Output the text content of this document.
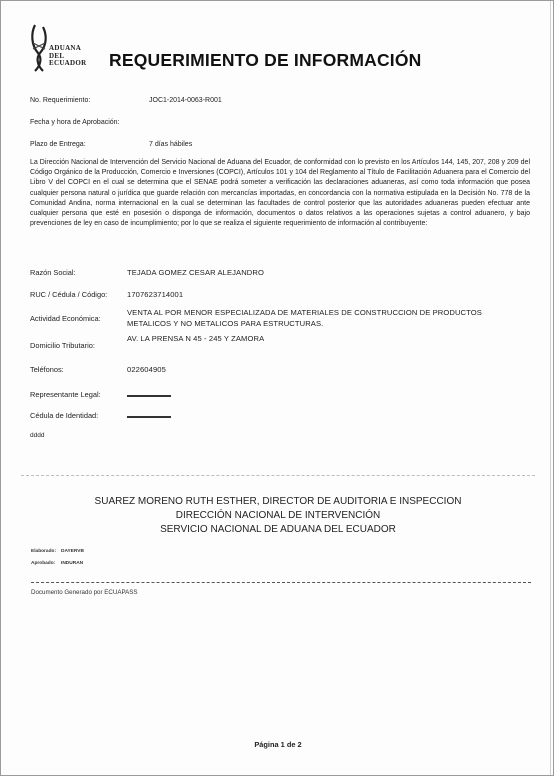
ADUANA
DEL
ECUADOR REQUERIMIENTO DE INFORMACIÓN
No. Requerimiento:	JOC1-2014-0063-R001
Fecha y hora de Aprobación:
Plazo de Entrega:	7 días hábiles
La Dirección Nacional de Intervención del Servicio Nacional de Aduana del Ecuador, de conformidad con lo previsto en los Artículos 144, 145, 207, 208 y 209 del Código Orgánico de la Producción, Comercio e Inversiones (COPCI), Artículos 101 y 104 del Reglamento al Título de Facilitación Aduanera para el Comercio del Libro V del COPCI en el cual se determina que el SENAE podrá someter a verificación las declaraciones aduaneras, así como toda información que posea cualquier persona natural o jurídica que guarde relación con mercancías importadas, en concordancia con la normativa estipulada en la Decisión No. 778 de la Comunidad Andina, norma internacional en la cual se determinan las facultades de control posterior que las autoridades aduaneras pueden efectuar ante cualquier persona que esté en posesión o disponga de información, documentos o datos relativos a las operaciones sujetas a control aduanero, y bajo prevenciones de ley en caso de incumplimiento; por lo que se realiza el siguiente requerimiento de información al contribuyente:
Razón Social:	TEJADA GOMEZ CESAR ALEJANDRO
RUC / Cédula / Código:	1707623714001
Actividad Económica:
VENTA AL POR MENOR ESPECIALIZADA DE MATERIALES DE CONSTRUCCION DE PRODUCTOS
METALICOS Y NO METALICOS PARA ESTRUCTURAS.
Domicilio Tributario:
AV. LA PRENSA N 45 - 245 Y ZAMORA
Teléfonos:	022604905
Representante Legal:
Cédula de Identidad:
dddd
SUAREZ MORENO RUTH ESTHER, DIRECTOR DE AUDITORIA E INSPECCION
DIRECCIÓN NACIONAL DE INTERVENCIÓN
SERVICIO NACIONAL DE ADUANA DEL ECUADOR
Elaborado: DAYERVB
Aprobado: INDURAN
Documento Generado por ECUAPASS
Página 1 de 2
